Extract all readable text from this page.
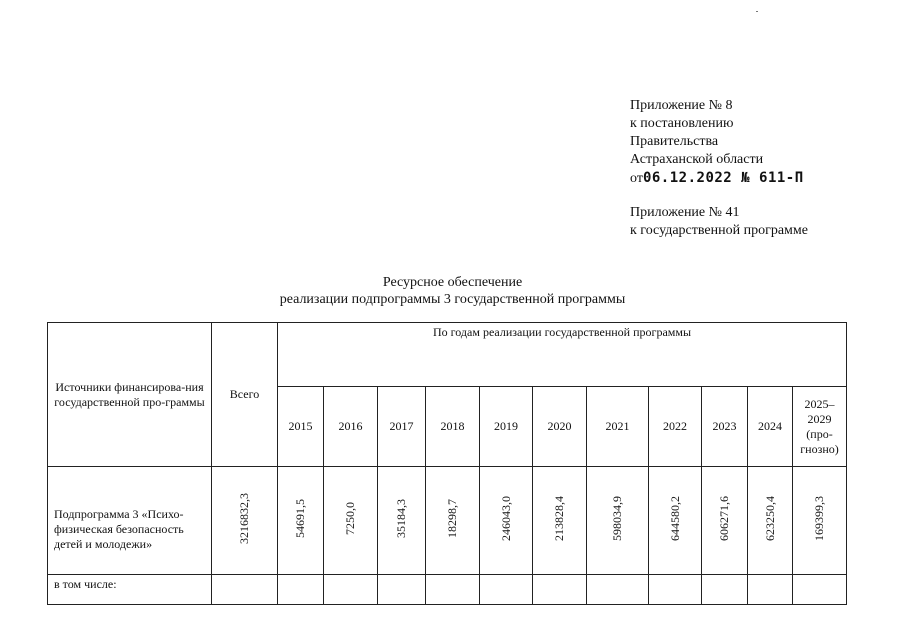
Приложение № 8
к постановлению
Правительства
Астраханской области
от06.12.2022 № 611-П
Приложение № 41
к государственной программе
Ресурсное обеспечение
реализации подпрограммы 3 государственной программы
Источники финансирова-ния государственной про-граммы	Всего	По годам реализации государственной программы										
		2015	2016	2017	2018	2019	2020	2021	2022	2023	2024	2025–
2029
(про-
гнозно)

Подпрограмма 3 «Психо-физическая безопасность детей и молодежи»	3216832,3	54691,5	7250,0	35184,3	18298,7	246043,0	213828,4	598034,9	644580,2	606271,6	623250,4	169399,3
в том числе:												
